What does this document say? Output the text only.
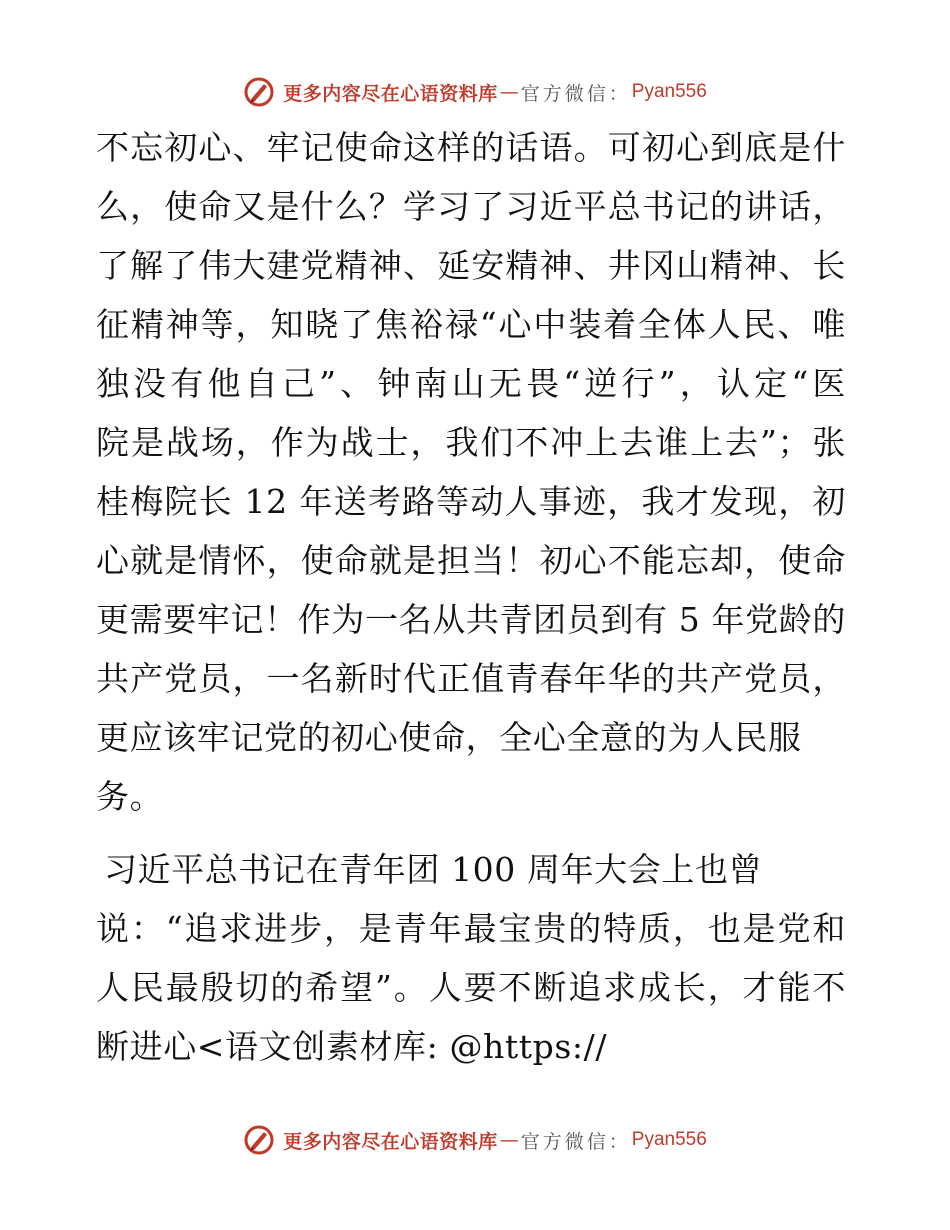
更多内容尽在心语资料库 — 官方微信 ： Pyan556
不忘初心、牢记使命这样的话语。可初心到底是什
么，使命又是什么？学习了习近平总书记的讲话，
了解了伟大建党精神、延安精神、井冈山精神、长
征精神等，知晓了焦裕禄“心中装着全体人民、唯
独没有他自己”、钟南山无畏“逆行”，认定“医
院是战场，作为战士，我们不冲上去谁上去”；张
桂梅院长 12 年送考路等动人事迹，我才发现，初
心就是情怀，使命就是担当！初心不能忘却，使命
更需要牢记！作为一名从共青团员到有 5 年党龄的
共产党员，一名新时代正值青春年华的共产党员，
更应该牢记党的初心使命，全心全意的为人民服
务。
习近平总书记在青年团 100 周年大会上也曾
说：“追求进步，是青年最宝贵的特质，也是党和
人民最殷切的希望”。人要不断追求成长，才能不
断进心<语文创素材库: @https://
更多内容尽在心语资料库 — 官方微信 ： Pyan556
